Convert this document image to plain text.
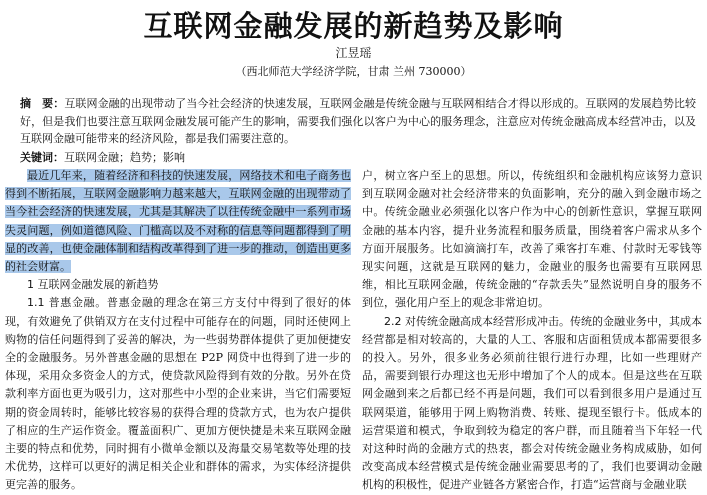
互联网金融发展的新趋势及影响
江昱瑶
（西北师范大学经济学院，甘肃 兰州 730000）
摘　要：互联网金融的出现带动了当今社会经济的快速发展，互联网金融是传统金融与互联网相结合才得以形成的。互联网的发展趋势比较好，但是我们也要注意互联网金融发展可能产生的影响，需要我们强化以客户为中心的服务理念，注意应对传统金融高成本经营冲击，以及互联网金融可能带来的经济风险，都是我们需要注意的。
关键词：互联网金融；趋势；影响

最近几年来，随着经济和科技的快速发展，网络技术和电子商务也得到不断拓展，互联网金融影响力越来越大，互联网金融的出现带动了当今社会经济的快速发展，尤其是其解决了以往传统金融中一系列市场失灵问题，例如道德风险、门槛高以及不对称的信息等问题都得到了明显的改善，也使金融体制和结构改革得到了进一步的推动，创造出更多的社会财富。

1 互联网金融发展的新趋势

1.1 普惠金融。普惠金融的理念在第三方支付中得到了很好的体现，有效避免了供销双方在支付过程中可能存在的问题，同时还使网上购物的信任问题得到了妥善的解决，为一些弱势群体提供了更加便捷安全的金融服务。另外普惠金融的思想在 P2P 网贷中也得到了进一步的体现，采用众多资金人的方式，使贷款风险得到有效的分散。另外在贷款利率方面也更为吸引力，这对那些中小型的企业来讲，当它们需要短期的资金周转时，能够比较容易的获得合理的贷款方式，也为农户提供了相应的生产运作资金。覆盖面积广、更加方便快捷是未来互联网金融主要的特点和优势，同时拥有小微单金额以及海量交易笔数等处理的技术优势，这样可以更好的满足相关企业和群体的需求，为实体经济提供更完善的服务。

户，树立客户至上的思想。所以，传统组织和金融机构应该努力意识到互联网金融对社会经济带来的负面影响，充分的融入到金融市场之中。传统金融业必须强化以客户作为中心的创新性意识，掌握互联网金融的基本内容，提升业务流程和服务质量，围绕着客户需求从多个方面开展服务。比如滴滴打车，改善了乘客打车难、付款时无零钱等现实问题，这就是互联网的魅力，金融业的服务也需要有互联网思维，相比互联网金融，传统金融的“存款丢失”显然说明自身的服务不到位，强化用户至上的观念非常迫切。

2.2 对传统金融高成本经营形成冲击。传统的金融业务中，其成本经营都是相对较高的，大量的人工、客服和店面租赁成本都需要很多的投入。另外，很多业务必须前往银行进行办理，比如一些理财产品，需要到银行办理这也无形中增加了个人的成本。但是这些在互联网金融到来之后都已经不再是问题，我们可以看到很多用户是通过互联网渠道，能够用于网上购物消费、转账、提现至银行卡。低成本的运营渠道和模式，争取到较为稳定的客户群，而且随着当下年轻一代对这种时尚的金融方式的热衷，都会对传统金融业务构成威胁，如何改变高成本经营模式是传统金融业需要思考的了，我们也要调动金融机构的积极性，促进产业链各方紧密合作，打造“运营商与金融业联
